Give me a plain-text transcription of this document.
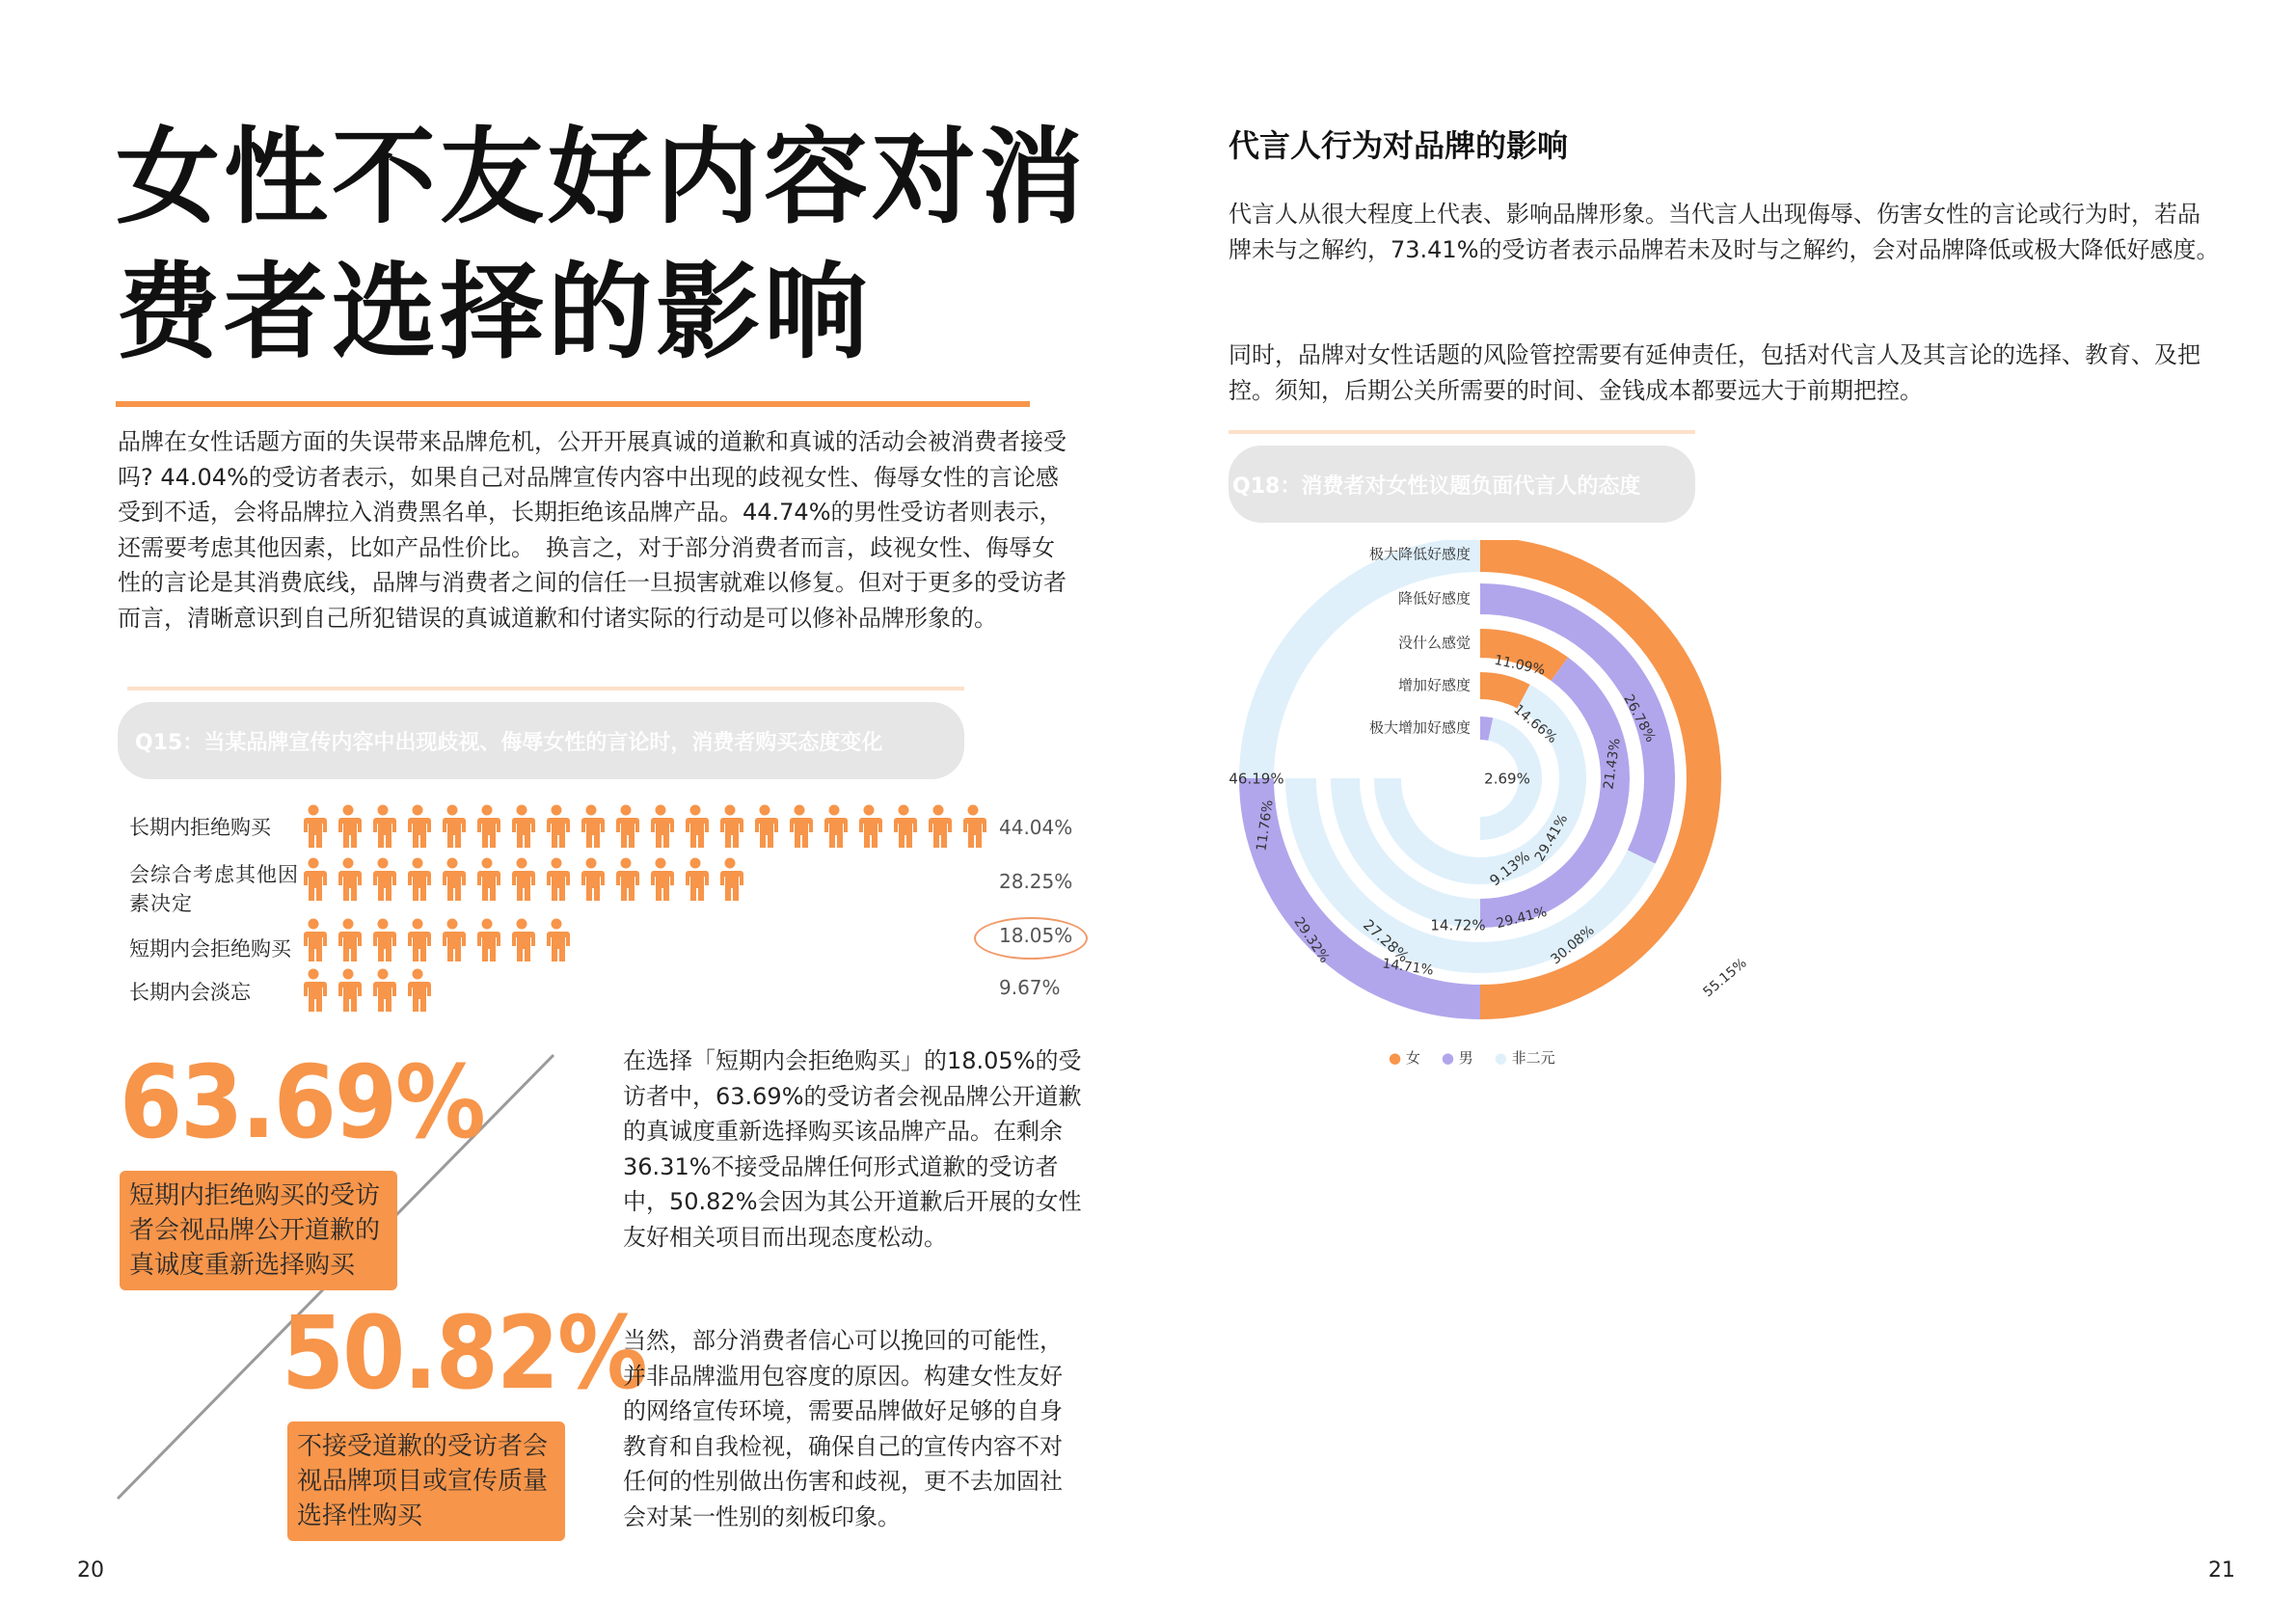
女性不友好内容对消
费者选择的影响
品牌在女性话题方面的失误带来品牌危机，公开开展真诚的道歉和真诚的活动会被消费者接受吗? 44.04%的受访者表示，如果自己对品牌宣传内容中出现的歧视女性、侮辱女性的言论感受到不适，会将品牌拉入消费黑名单，长期拒绝该品牌产品。44.74%的男性受访者则表示，还需要考虑其他因素，比如产品性价比。　换言之，对于部分消费者而言，歧视女性、侮辱女性的言论是其消费底线，品牌与消费者之间的信任一旦损害就难以修复。但对于更多的受访者而言，清晰意识到自己所犯错误的真诚道歉和付诸实际的行动是可以修补品牌形象的。
Q15：当某品牌宣传内容中出现歧视、侮辱女性的言论时，消费者购买态度变化
长期内拒绝购买
会综合考虑其他因素决定
短期内会拒绝购买
长期内会淡忘
44.04%
28.25%
18.05%
9.67%
63.69%
短期内拒绝购买的受访者会视品牌公开道歉的真诚度重新选择购买
50.82%
不接受道歉的受访者会视品牌项目或宣传质量选择性购买
在选择「短期内会拒绝购买」的18.05%的受访者中，63.69%的受访者会视品牌公开道歉的真诚度重新选择购买该品牌产品。在剩余36.31%不接受品牌任何形式道歉的受访者中，50.82%会因为其公开道歉后开展的女性友好相关项目而出现态度松动。
当然，部分消费者信心可以挽回的可能性，并非品牌滥用包容度的原因。构建女性友好的网络宣传环境，需要品牌做好足够的自身教育和自我检视，确保自己的宣传内容不对任何的性别做出伤害和歧视，更不去加固社会对某一性别的刻板印象。
20
代言人行为对品牌的影响
代言人从很大程度上代表、影响品牌形象。当代言人出现侮辱、伤害女性的言论或行为时，若品牌未与之解约，73.41%的受访者表示品牌若未及时与之解约，会对品牌降低或极大降低好感度。
同时，品牌对女性话题的风险管控需要有延伸责任，包括对代言人及其言论的选择、教育、及把控。须知，后期公关所需要的时间、金钱成本都要远大于前期把控。
Q18：消费者对女性议题负面代言人的态度
极大降低好感度
降低好感度
没什么感觉
增加好感度
极大增加好感度
55.15%
26.78%
11.09%
2.69%
30.08%
29.32%
21.43%
14.66%
29.41%
14.71%
27.28%
29.41%
9.13%
46.19%
11.76%
14.72%
● 女 ● 男 ● 非二元
21
